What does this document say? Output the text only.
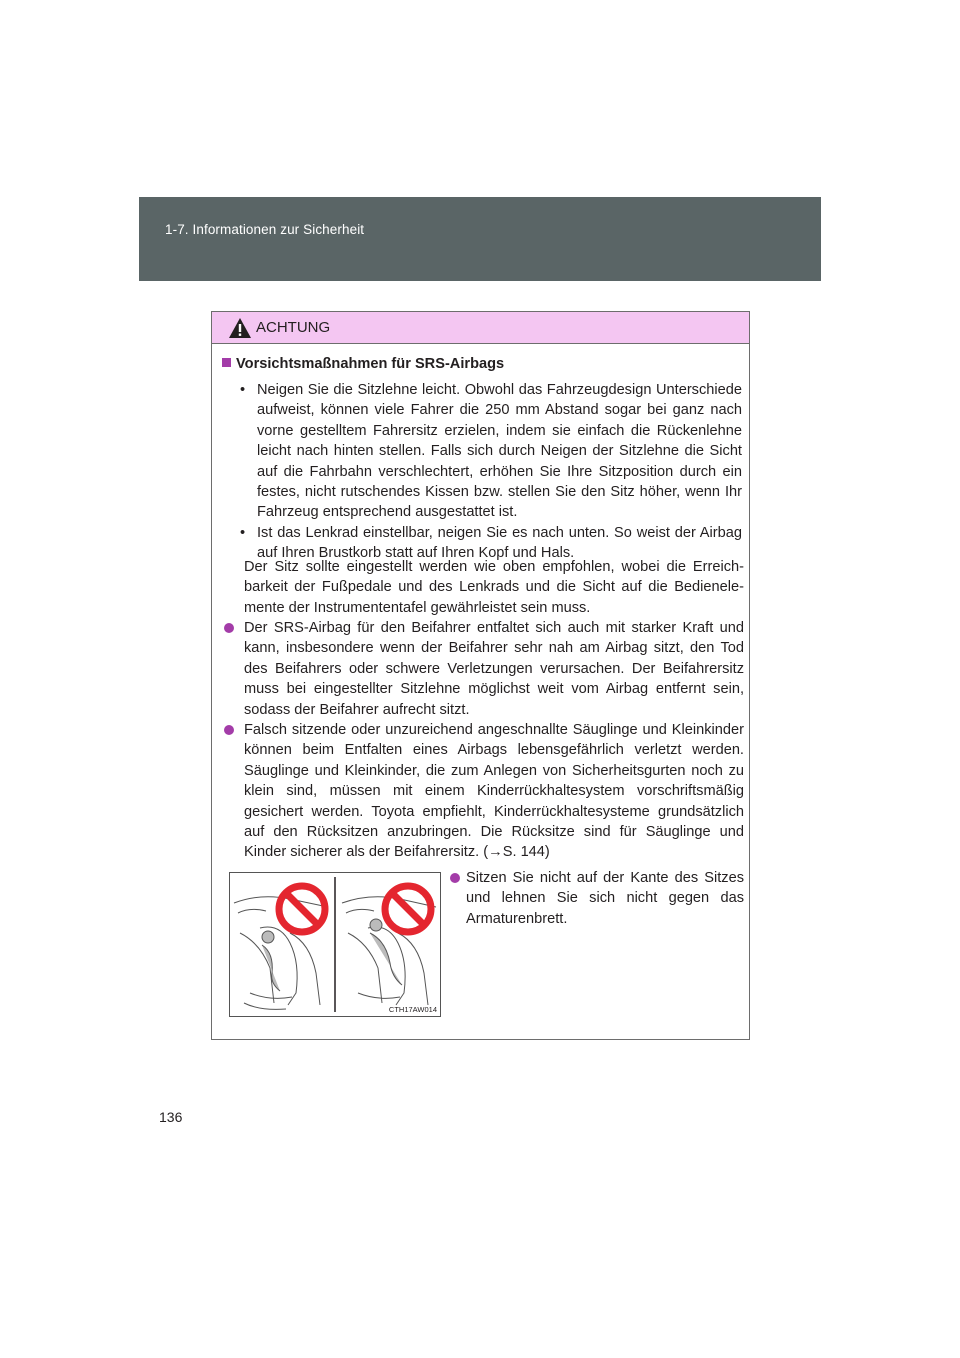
1-7. Informationen zur Sicherheit
ACHTUNG
Vorsichtsmaßnahmen für SRS-Airbags
• Neigen Sie die Sitzlehne leicht. Obwohl das Fahrzeugdesign Unterschiede aufweist, können viele Fahrer die 250 mm Abstand sogar bei ganz nach vorne gestelltem Fahrersitz erzielen, indem sie einfach die Rückenlehne leicht nach hinten stellen. Falls sich durch Neigen der Sitzlehne die Sicht auf die Fahrbahn verschlechtert, erhöhen Sie Ihre Sitzposition durch ein festes, nicht rutschendes Kissen bzw. stellen Sie den Sitz höher, wenn Ihr Fahrzeug entsprechend ausgestattet ist.
• Ist das Lenkrad einstellbar, neigen Sie es nach unten. So weist der Airbag auf Ihren Brustkorb statt auf Ihren Kopf und Hals.
Der Sitz sollte eingestellt werden wie oben empfohlen, wobei die Erreichbarkeit der Fußpedale und des Lenkrads und die Sicht auf die Bedienelemente der Instrumententafel gewährleistet sein muss.
Der SRS-Airbag für den Beifahrer entfaltet sich auch mit starker Kraft und kann, insbesondere wenn der Beifahrer sehr nah am Airbag sitzt, den Tod des Beifahrers oder schwere Verletzungen verursachen. Der Beifahrersitz muss bei eingestellter Sitzlehne möglichst weit vom Airbag entfernt sein, sodass der Beifahrer aufrecht sitzt.
Falsch sitzende oder unzureichend angeschnallte Säuglinge und Kleinkinder können beim Entfalten eines Airbags lebensgefährlich verletzt werden. Säuglinge und Kleinkinder, die zum Anlegen von Sicherheitsgurten noch zu klein sind, müssen mit einem Kinderrückhaltesystem vorschriftsmäßig gesichert werden. Toyota empfiehlt, Kinderrückhaltesysteme grundsätzlich auf den Rücksitzen anzubringen. Die Rücksitze sind für Säuglinge und Kinder sicherer als der Beifahrersitz. (→S. 144)
CTH17AW014
Sitzen Sie nicht auf der Kante des Sitzes und lehnen Sie sich nicht gegen das Armaturenbrett.
136
